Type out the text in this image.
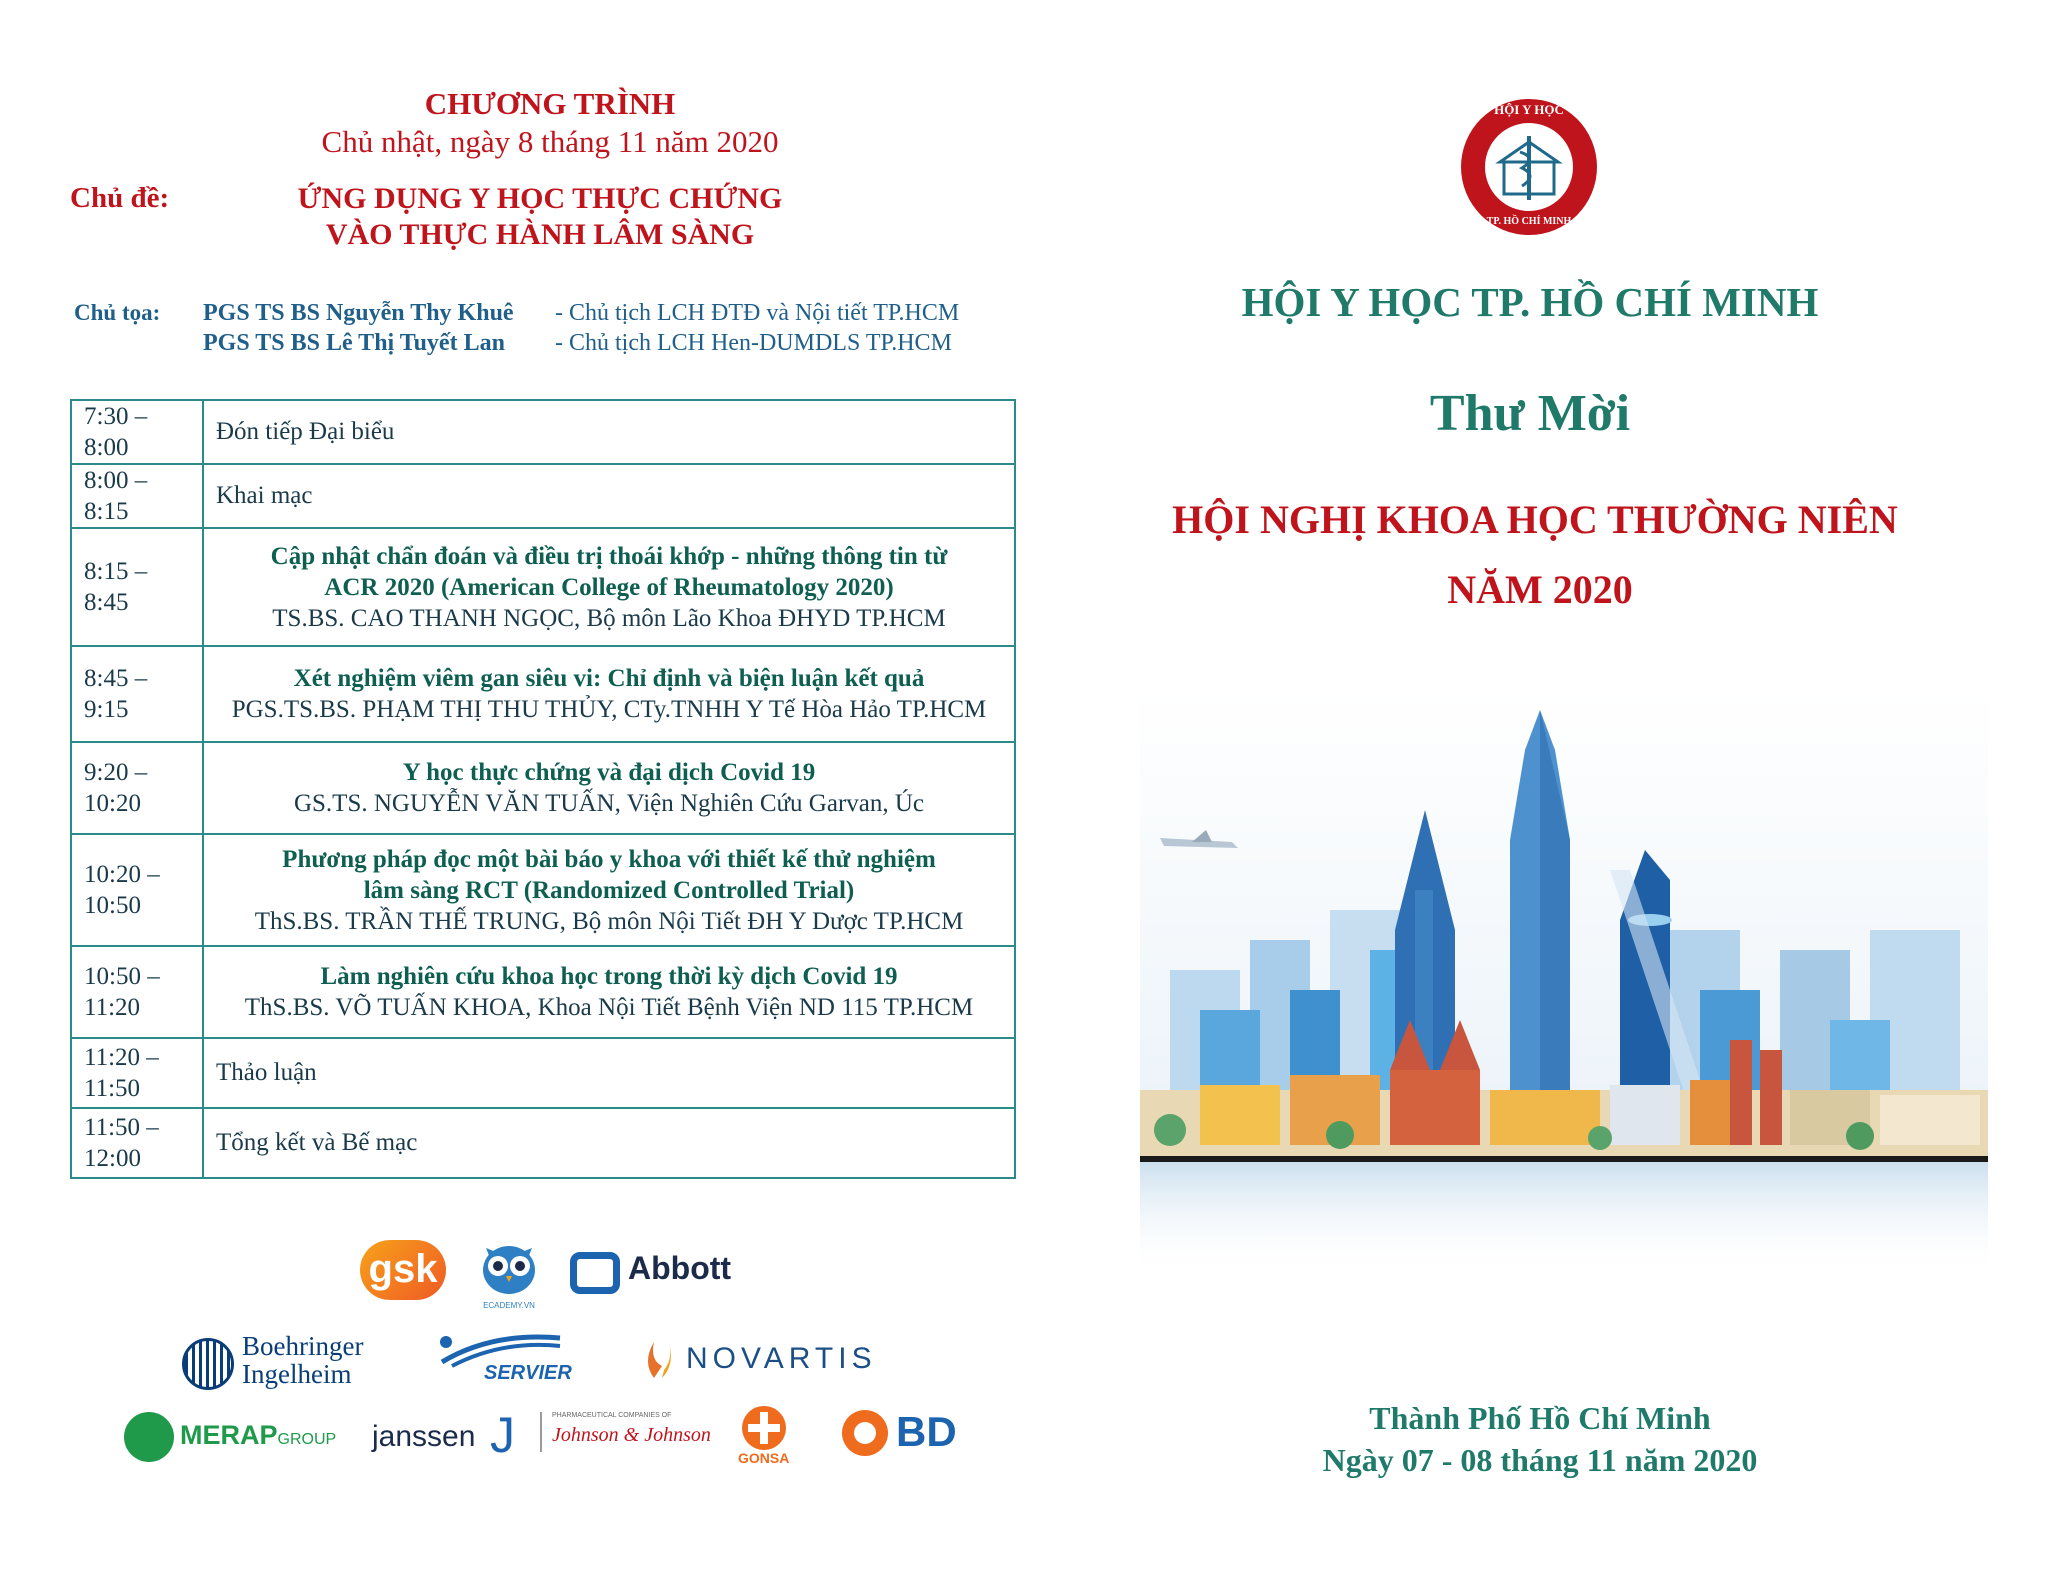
CHƯƠNG TRÌNH
Chủ nhật, ngày 8 tháng 11 năm 2020
Chủ đề:	ỨNG DỤNG Y HỌC THỰC CHỨNG
VÀO THỰC HÀNH LÂM SÀNG
Chủ tọa: PGS TS BS Nguyễn Thy Khuê - Chủ tịch LCH ĐTĐ và Nội tiết TP.HCM
PGS TS BS Lê Thị Tuyết Lan - Chủ tịch LCH Hen-DUMDLS TP.HCM
7:30 –
8:00	Đón tiếp Đại biểu
8:00 –
8:15	Khai mạc
8:15 –
8:45	Cập nhật chẩn đoán và điều trị thoái khớp - những thông tin từ
ACR 2020 (American College of Rheumatology 2020)
TS.BS. CAO THANH NGỌC, Bộ môn Lão Khoa ĐHYD TP.HCM

8:45 –
9:15	Xét nghiệm viêm gan siêu vi: Chỉ định và biện luận kết quả
PGS.TS.BS. PHẠM THỊ THU THỦY, CTy.TNHH Y Tế Hòa Hảo TP.HCM

9:20 –
10:20	Y học thực chứng và đại dịch Covid 19
GS.TS. NGUYỄN VĂN TUẤN, Viện Nghiên Cứu Garvan, Úc

10:20 –
10:50	Phương pháp đọc một bài báo y khoa với thiết kế thử nghiệm
lâm sàng RCT (Randomized Controlled Trial)
ThS.BS. TRẦN THẾ TRUNG, Bộ môn Nội Tiết ĐH Y Dược TP.HCM

10:50 –
11:20	Làm nghiên cứu khoa học trong thời kỳ dịch Covid 19
ThS.BS. VÕ TUẤN KHOA, Khoa Nội Tiết Bệnh Viện ND 115 TP.HCM

11:20 –
11:50	Thảo luận
11:50 –
12:00	Tổng kết và Bế mạc
gsk
ECADEMY.VN
Abbott
Boehringer
Ingelheim	SERVIER	NOVARTIS
MERAPGROUP janssen J	PHARMACEUTICAL COMPANIES OF
Johnson & Johnson
GONSA
BD
HỘI Y HỌC
TP. HỒ CHÍ MINH
HỘI Y HỌC TP. HỒ CHÍ MINH
Thư Mời
HỘI NGHỊ KHOA HỌC THƯỜNG NIÊN
NĂM 2020
Thành Phố Hồ Chí Minh
Ngày 07 - 08 tháng 11 năm 2020
